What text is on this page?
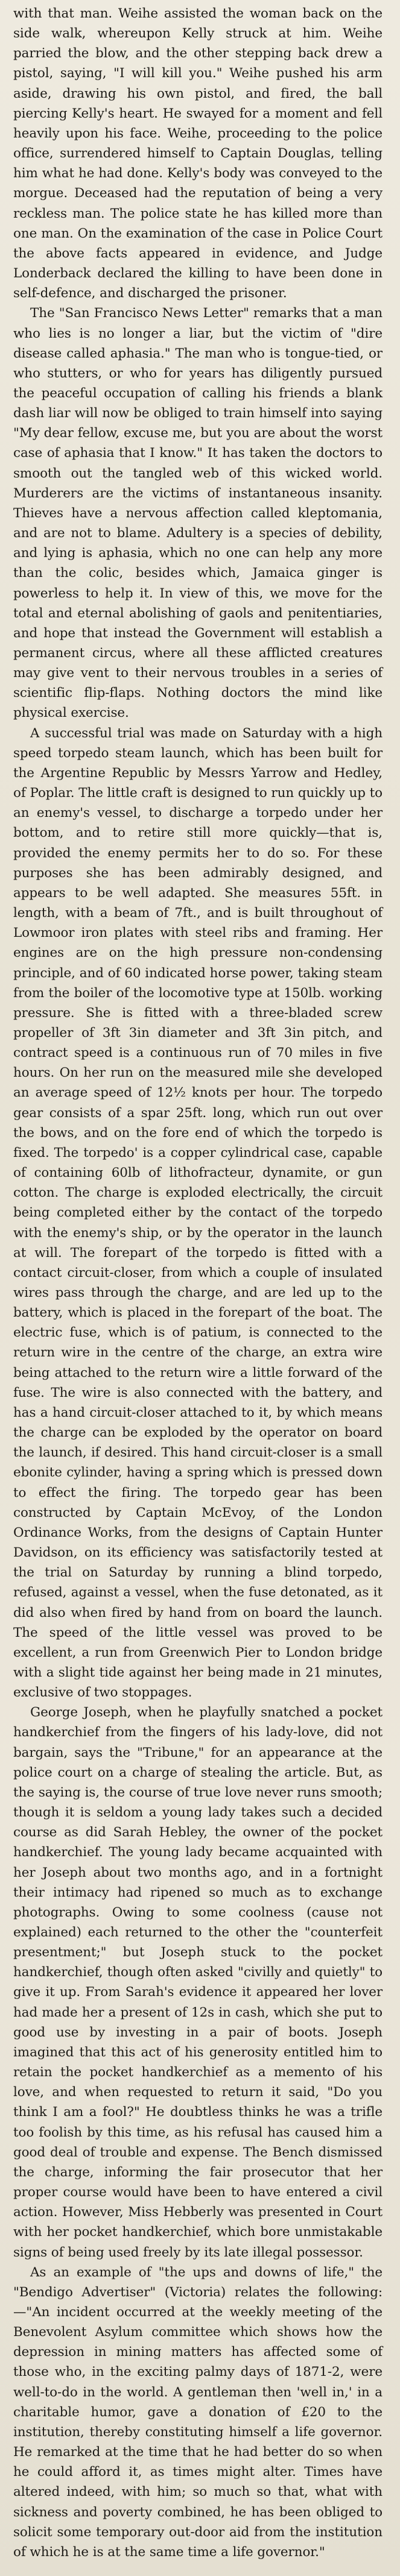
with that man. Weihe assisted the woman back on the side walk, whereupon Kelly struck at him. Weihe parried the blow, and the other stepping back drew a pistol, saying, "I will kill you." Weihe pushed his arm aside, drawing his own pistol, and fired, the ball piercing Kelly's heart. He swayed for a moment and fell heavily upon his face. Weihe, proceeding to the police office, surrendered himself to Captain Douglas, telling him what he had done. Kelly's body was conveyed to the morgue. Deceased had the reputation of being a very reckless man. The police state he has killed more than one man. On the examination of the case in Police Court the above facts appeared in evidence, and Judge Londerback declared the killing to have been done in self-defence, and discharged the prisoner.

The "San Francisco News Letter" remarks that a man who lies is no longer a liar, but the victim of "dire disease called aphasia." The man who is tongue-tied, or who stutters, or who for years has diligently pursued the peaceful occupation of calling his friends a blank dash liar will now be obliged to train himself into saying "My dear fellow, excuse me, but you are about the worst case of aphasia that I know." It has taken the doctors to smooth out the tangled web of this wicked world. Murderers are the victims of instantaneous insanity. Thieves have a nervous affection called kleptomania, and are not to blame. Adultery is a species of debility, and lying is aphasia, which no one can help any more than the colic, besides which, Jamaica ginger is powerless to help it. In view of this, we move for the total and eternal abolishing of gaols and penitentiaries, and hope that instead the Government will establish a permanent circus, where all these afflicted creatures may give vent to their nervous troubles in a series of scientific flip-flaps. Nothing doctors the mind like physical exercise.

A successful trial was made on Saturday with a high speed torpedo steam launch, which has been built for the Argentine Republic by Messrs Yarrow and Hedley, of Poplar. The little craft is designed to run quickly up to an enemy's vessel, to discharge a torpedo under her bottom, and to retire still more quickly—that is, provided the enemy permits her to do so. For these purposes she has been admirably designed, and appears to be well adapted. She measures 55ft. in length, with a beam of 7ft., and is built throughout of Lowmoor iron plates with steel ribs and framing. Her engines are on the high pressure non-condensing principle, and of 60 indicated horse power, taking steam from the boiler of the locomotive type at 150lb. working pressure. She is fitted with a three-bladed screw propeller of 3ft 3in diameter and 3ft 3in pitch, and contract speed is a continuous run of 70 miles in five hours. On her run on the measured mile she developed an average speed of 12½ knots per hour. The torpedo gear consists of a spar 25ft. long, which run out over the bows, and on the fore end of which the torpedo is fixed. The torpedo' is a copper cylindrical case, capable of containing 60lb of lithofracteur, dynamite, or gun cotton. The charge is exploded electrically, the circuit being completed either by the contact of the torpedo with the enemy's ship, or by the operator in the launch at will. The forepart of the torpedo is fitted with a contact circuit-closer, from which a couple of insulated wires pass through the charge, and are led up to the battery, which is placed in the forepart of the boat. The electric fuse, which is of patium, is connected to the return wire in the centre of the charge, an extra wire being attached to the return wire a little forward of the fuse. The wire is also connected with the battery, and has a hand circuit-closer attached to it, by which means the charge can be exploded by the operator on board the launch, if desired. This hand circuit-closer is a small ebonite cylinder, having a spring which is pressed down to effect the firing. The torpedo gear has been constructed by Captain McEvoy, of the London Ordinance Works, from the designs of Captain Hunter Davidson, on its efficiency was satisfactorily tested at the trial on Saturday by running a blind torpedo, refused, against a vessel, when the fuse detonated, as it did also when fired by hand from on board the launch. The speed of the little vessel was proved to be excellent, a run from Greenwich Pier to London bridge with a slight tide against her being made in 21 minutes, exclusive of two stoppages.

George Joseph, when he playfully snatched a pocket handkerchief from the fingers of his lady-love, did not bargain, says the "Tribune," for an appearance at the police court on a charge of stealing the article. But, as the saying is, the course of true love never runs smooth; though it is seldom a young lady takes such a decided course as did Sarah Hebley, the owner of the pocket handkerchief. The young lady became acquainted with her Joseph about two months ago, and in a fortnight their intimacy had ripened so much as to exchange photographs. Owing to some coolness (cause not explained) each returned to the other the "counterfeit presentment;" but Joseph stuck to the pocket handkerchief, though often asked "civilly and quietly" to give it up. From Sarah's evidence it appeared her lover had made her a present of 12s in cash, which she put to good use by investing in a pair of boots. Joseph imagined that this act of his generosity entitled him to retain the pocket handkerchief as a memento of his love, and when requested to return it said, "Do you think I am a fool?" He doubtless thinks he was a trifle too foolish by this time, as his refusal has caused him a good deal of trouble and expense. The Bench dismissed the charge, informing the fair prosecutor that her proper course would have been to have entered a civil action. However, Miss Hebberly was presented in Court with her pocket handkerchief, which bore unmistakable signs of being used freely by its late illegal possessor.

As an example of "the ups and downs of life," the "Bendigo Advertiser" (Victoria) relates the following:—"An incident occurred at the weekly meeting of the Benevolent Asylum committee which shows how the depression in mining matters has affected some of those who, in the exciting palmy days of 1871-2, were well-to-do in the world. A gentleman then 'well in,' in a charitable humor, gave a donation of £20 to the institution, thereby constituting himself a life governor. He remarked at the time that he had better do so when he could afford it, as times might alter. Times have altered indeed, with him; so much so that, what with sickness and poverty combined, he has been obliged to solicit some temporary out-door aid from the institution of which he is at the same time a life governor."
